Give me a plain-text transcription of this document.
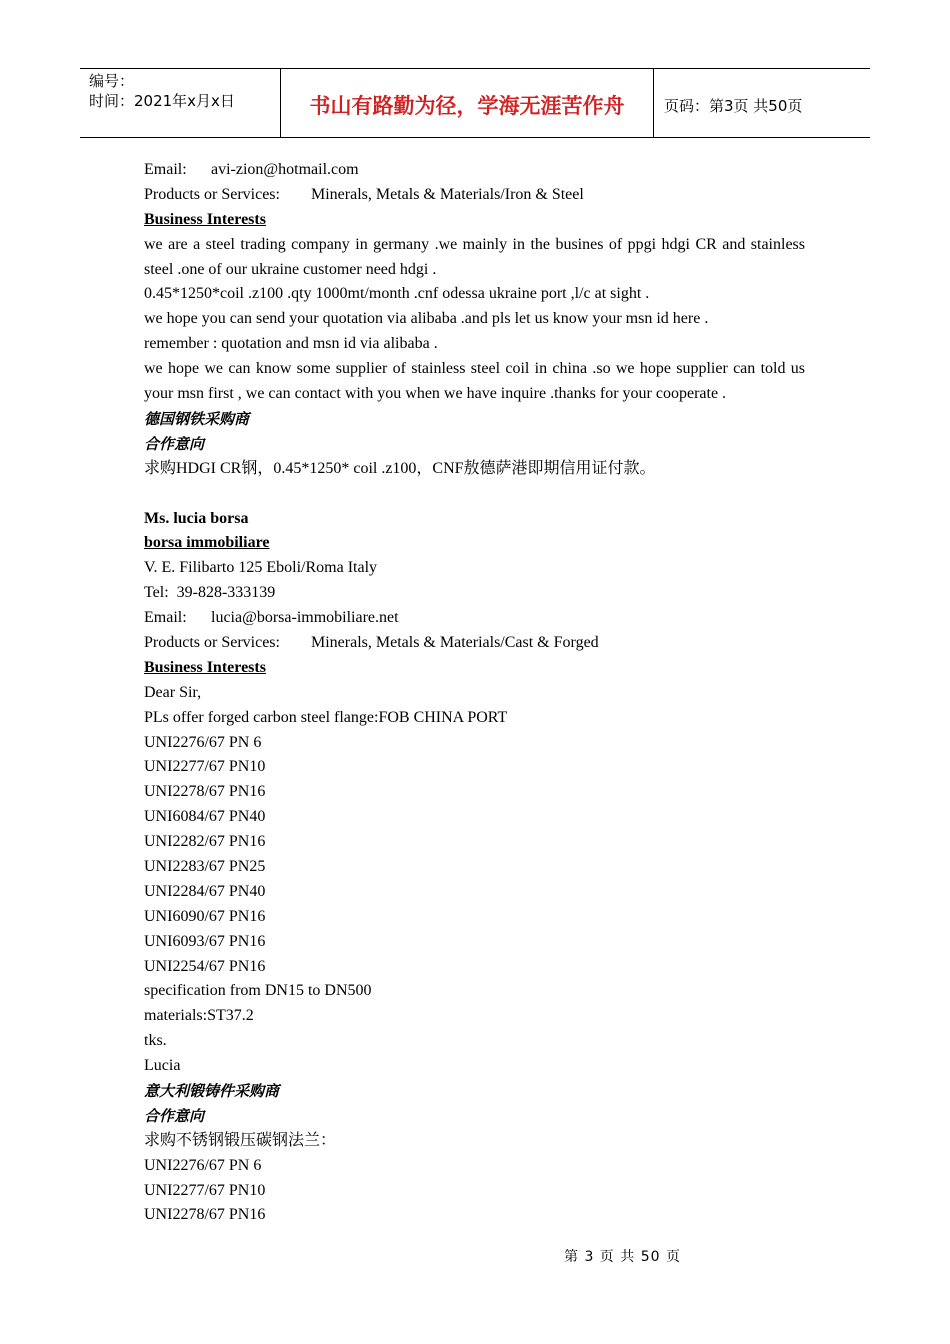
编号：
时间：2021年x月x日	书山有路勤为径，学海无涯苦作舟	页码：第3页 共50页
Email: avi-zion@hotmail.com
Products or Services: Minerals, Metals & Materials/Iron & Steel
Business Interests
we are a steel trading company in germany .we mainly in the busines of ppgi hdgi CR and stainless steel .one of our ukraine customer need hdgi .
0.45*1250*coil .z100 .qty 1000mt/month .cnf odessa ukraine port ,l/c at sight .
we hope you can send your quotation via alibaba .and pls let us know your msn id here .
remember : quotation and msn id via alibaba .
we hope we can know some supplier of stainless steel coil in china .so we hope supplier can told us your msn first , we can contact with you when we have inquire .thanks for your cooperate .
德国钢铁采购商
合作意向
求购HDGI CR钢，0.45*1250* coil .z100，CNF敖德萨港即期信用证付款。
Ms. lucia borsa
borsa immobiliare
V. E. Filibarto 125 Eboli/Roma Italy
Tel:  39-828-333139
Email: lucia@borsa-immobiliare.net
Products or Services: Minerals, Metals & Materials/Cast & Forged
Business Interests
Dear Sir,
PLs offer forged carbon steel flange:FOB CHINA PORT
UNI2276/67 PN 6
UNI2277/67 PN10
UNI2278/67 PN16
UNI6084/67 PN40
UNI2282/67 PN16
UNI2283/67 PN25
UNI2284/67 PN40
UNI6090/67 PN16
UNI6093/67 PN16
UNI2254/67 PN16
specification from DN15 to DN500
materials:ST37.2
tks.
Lucia
意大利锻铸件采购商
合作意向
求购不锈钢锻压碳钢法兰：
UNI2276/67 PN 6
UNI2277/67 PN10
UNI2278/67 PN16
第 3 页 共 50 页
